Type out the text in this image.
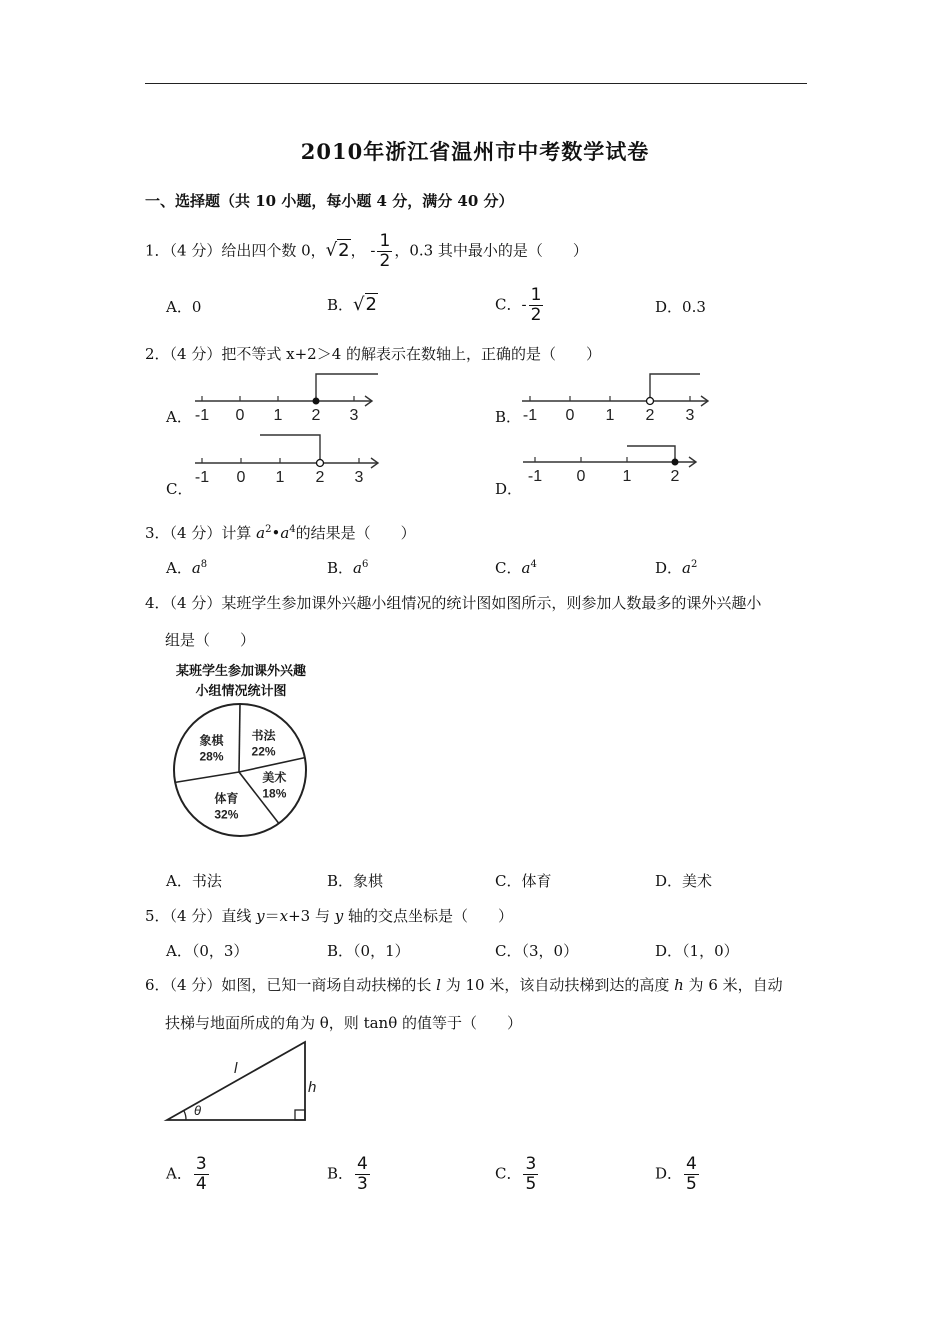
2010年浙江省温州市中考数学试卷
一、选择题（共 10 小题，每小题 4 分，满分 40 分）
1．（4 分）给出四个数 0，√2， - $\frac{1}{2}$ ，0.3 其中最小的是（　　）
A．0	B．√2	C．- $\frac{1}{2}$	D．0.3
2．（4 分）把不等式 x+2＞4 的解表示在数轴上，正确的是（　　）
A．	B．
C．	D．
-1 0 1 2 3	-1 0 1 2 3
-1 0 1 2 3	-1 0 1 2
3．（4 分）计算 $a^2•a^4$的结果是（　　）
A．$a^8$	B．$a^6$	C．$a^4$	D．$a^2$
4．（4 分）某班学生参加课外兴趣小组情况的统计图如图所示，则参加人数最多的课外兴趣小
组是（　　）
某班学生参加课外兴趣
小组情况统计图
书法
22%
美术
18%
体育
32%
象棋
28%
A．书法	B．象棋	C．体育	D．美术
5．（4 分）直线 y＝x+3 与 y 轴的交点坐标是（　　）
A．（0，3）	B．（0，1）	C．（3，0）	D．（1，0）
6．（4 分）如图，已知一商场自动扶梯的长 l 为 10 米，该自动扶梯到达的高度 h 为 6 米，自动
扶梯与地面所成的角为 θ，则 tanθ 的值等于（　　）
l
h
θ
A． $\frac{3}{4}$	B． $\frac{4}{3}$	C． $\frac{3}{5}$	D． $\frac{4}{5}$
